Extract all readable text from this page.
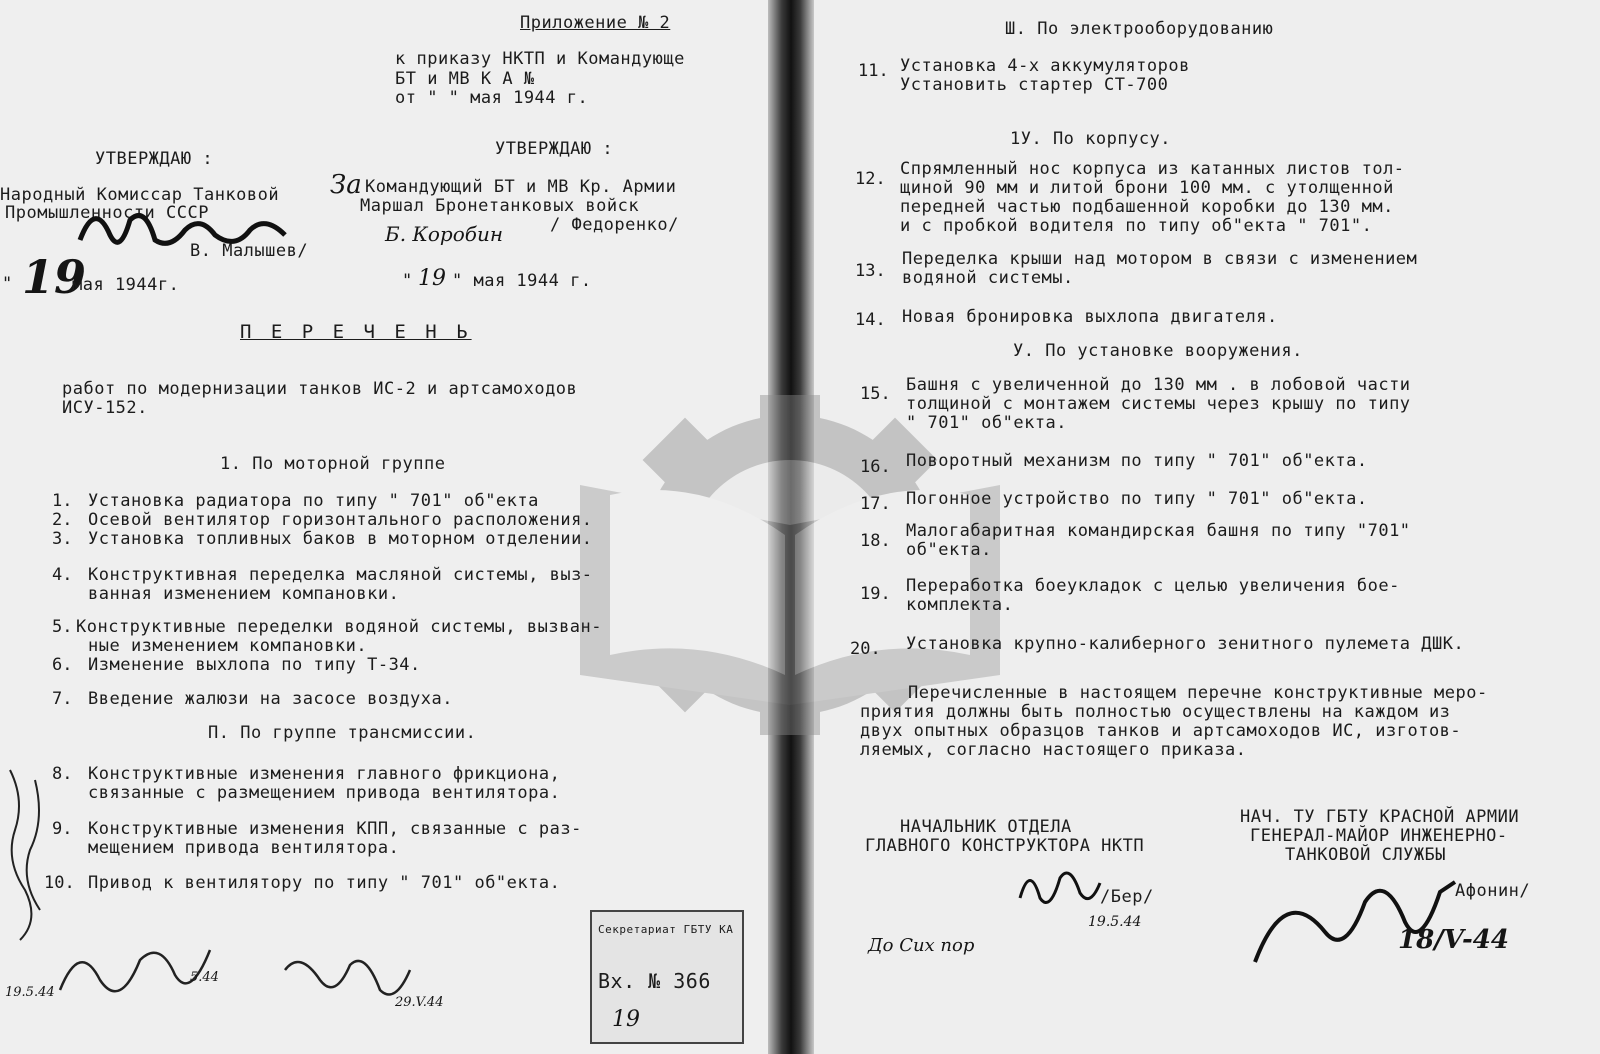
Приложение № 2
к приказу НКТП и Командующе
БТ и МВ К А №
от " " мая 1944 г.
УТВЕРЖДАЮ :
Народный Комиссар Танковой
Промышленности СССР
В. Малышев/
" 19
мая 1944г.
УТВЕРЖДАЮ :
За Командующий БТ и МВ Кр. Армии
Маршал Бронетанковых войск
/ Федоренко/
Б. Коробин
" 19 " мая 1944 г.
П Е Р Е Ч Е Н Ь
работ по модернизации танков ИС-2 и артсамоходов
ИСУ-152.
1. По моторной группе
1. Установка радиатора по типу " 701" об"екта
2. Осевой вентилятор горизонтального расположения.
3. Установка топливных баков в моторном отделении.
4. Конструктивная переделка масляной системы, выз-
ванная изменением компановки.
5. Конструктивные переделки водяной системы, вызван-
ные изменением компановки.
6. Изменение выхлопа по типу Т-34.
7. Введение жалюзи на засосе воздуха.
П. По группе трансмиссии.
8. Конструктивные изменения главного фрикциона,
связанные с размещением привода вентилятора.
9. Конструктивные изменения КПП, связанные с раз-
мещением привода вентилятора.
10. Привод к вентилятору по типу " 701" об"екта.
19.5.44
5.44
29.V.44
Секретариат ГБТУ КА
Вх. № 366
19
Ш. По электрооборудованию
11. Установка 4-х аккумуляторов
Установить стартер СТ-700
1У. По корпусу.
12. Спрямленный нос корпуса из катанных листов тол-
щиной 90 мм и литой брони 100 мм. с утолщенной
передней частью подбашенной коробки до 130 мм.
и с пробкой водителя по типу об"екта " 701".
13.
Переделка крыши над мотором в связи с изменением
водяной системы.
14. Новая бронировка выхлопа двигателя.
У. По установке вооружения.
15. Башня с увеличенной до 130 мм . в лобовой части
толщиной с монтажем системы через крышу по типу
" 701" об"екта.
16. Поворотный механизм по типу " 701" об"екта.
17. Погонное устройство по типу " 701" об"екта.
18. Малогабаритная командирская башня по типу "701"
об"екта.
19. Переработка боеукладок с целью увеличения бое-
комплекта.
20. Установка крупно-калиберного зенитного пулемета ДШК.
Перечисленные в настоящем перечне конструктивные меро-
приятия должны быть полностью осуществлены на каждом из
двух опытных образцов танков и артсамоходов ИС, изготов-
ляемых, согласно настоящего приказа.
НАЧАЛЬНИК ОТДЕЛА
ГЛАВНОГО КОНСТРУКТОРА НКТП
/Бер/
19.5.44
До Сих пор
НАЧ. ТУ ГБТУ КРАСНОЙ АРМИИ
ГЕНЕРАЛ-МАЙОР ИНЖЕНЕРНО-
ТАНКОВОЙ СЛУЖБЫ
Афонин/
18/V-44
